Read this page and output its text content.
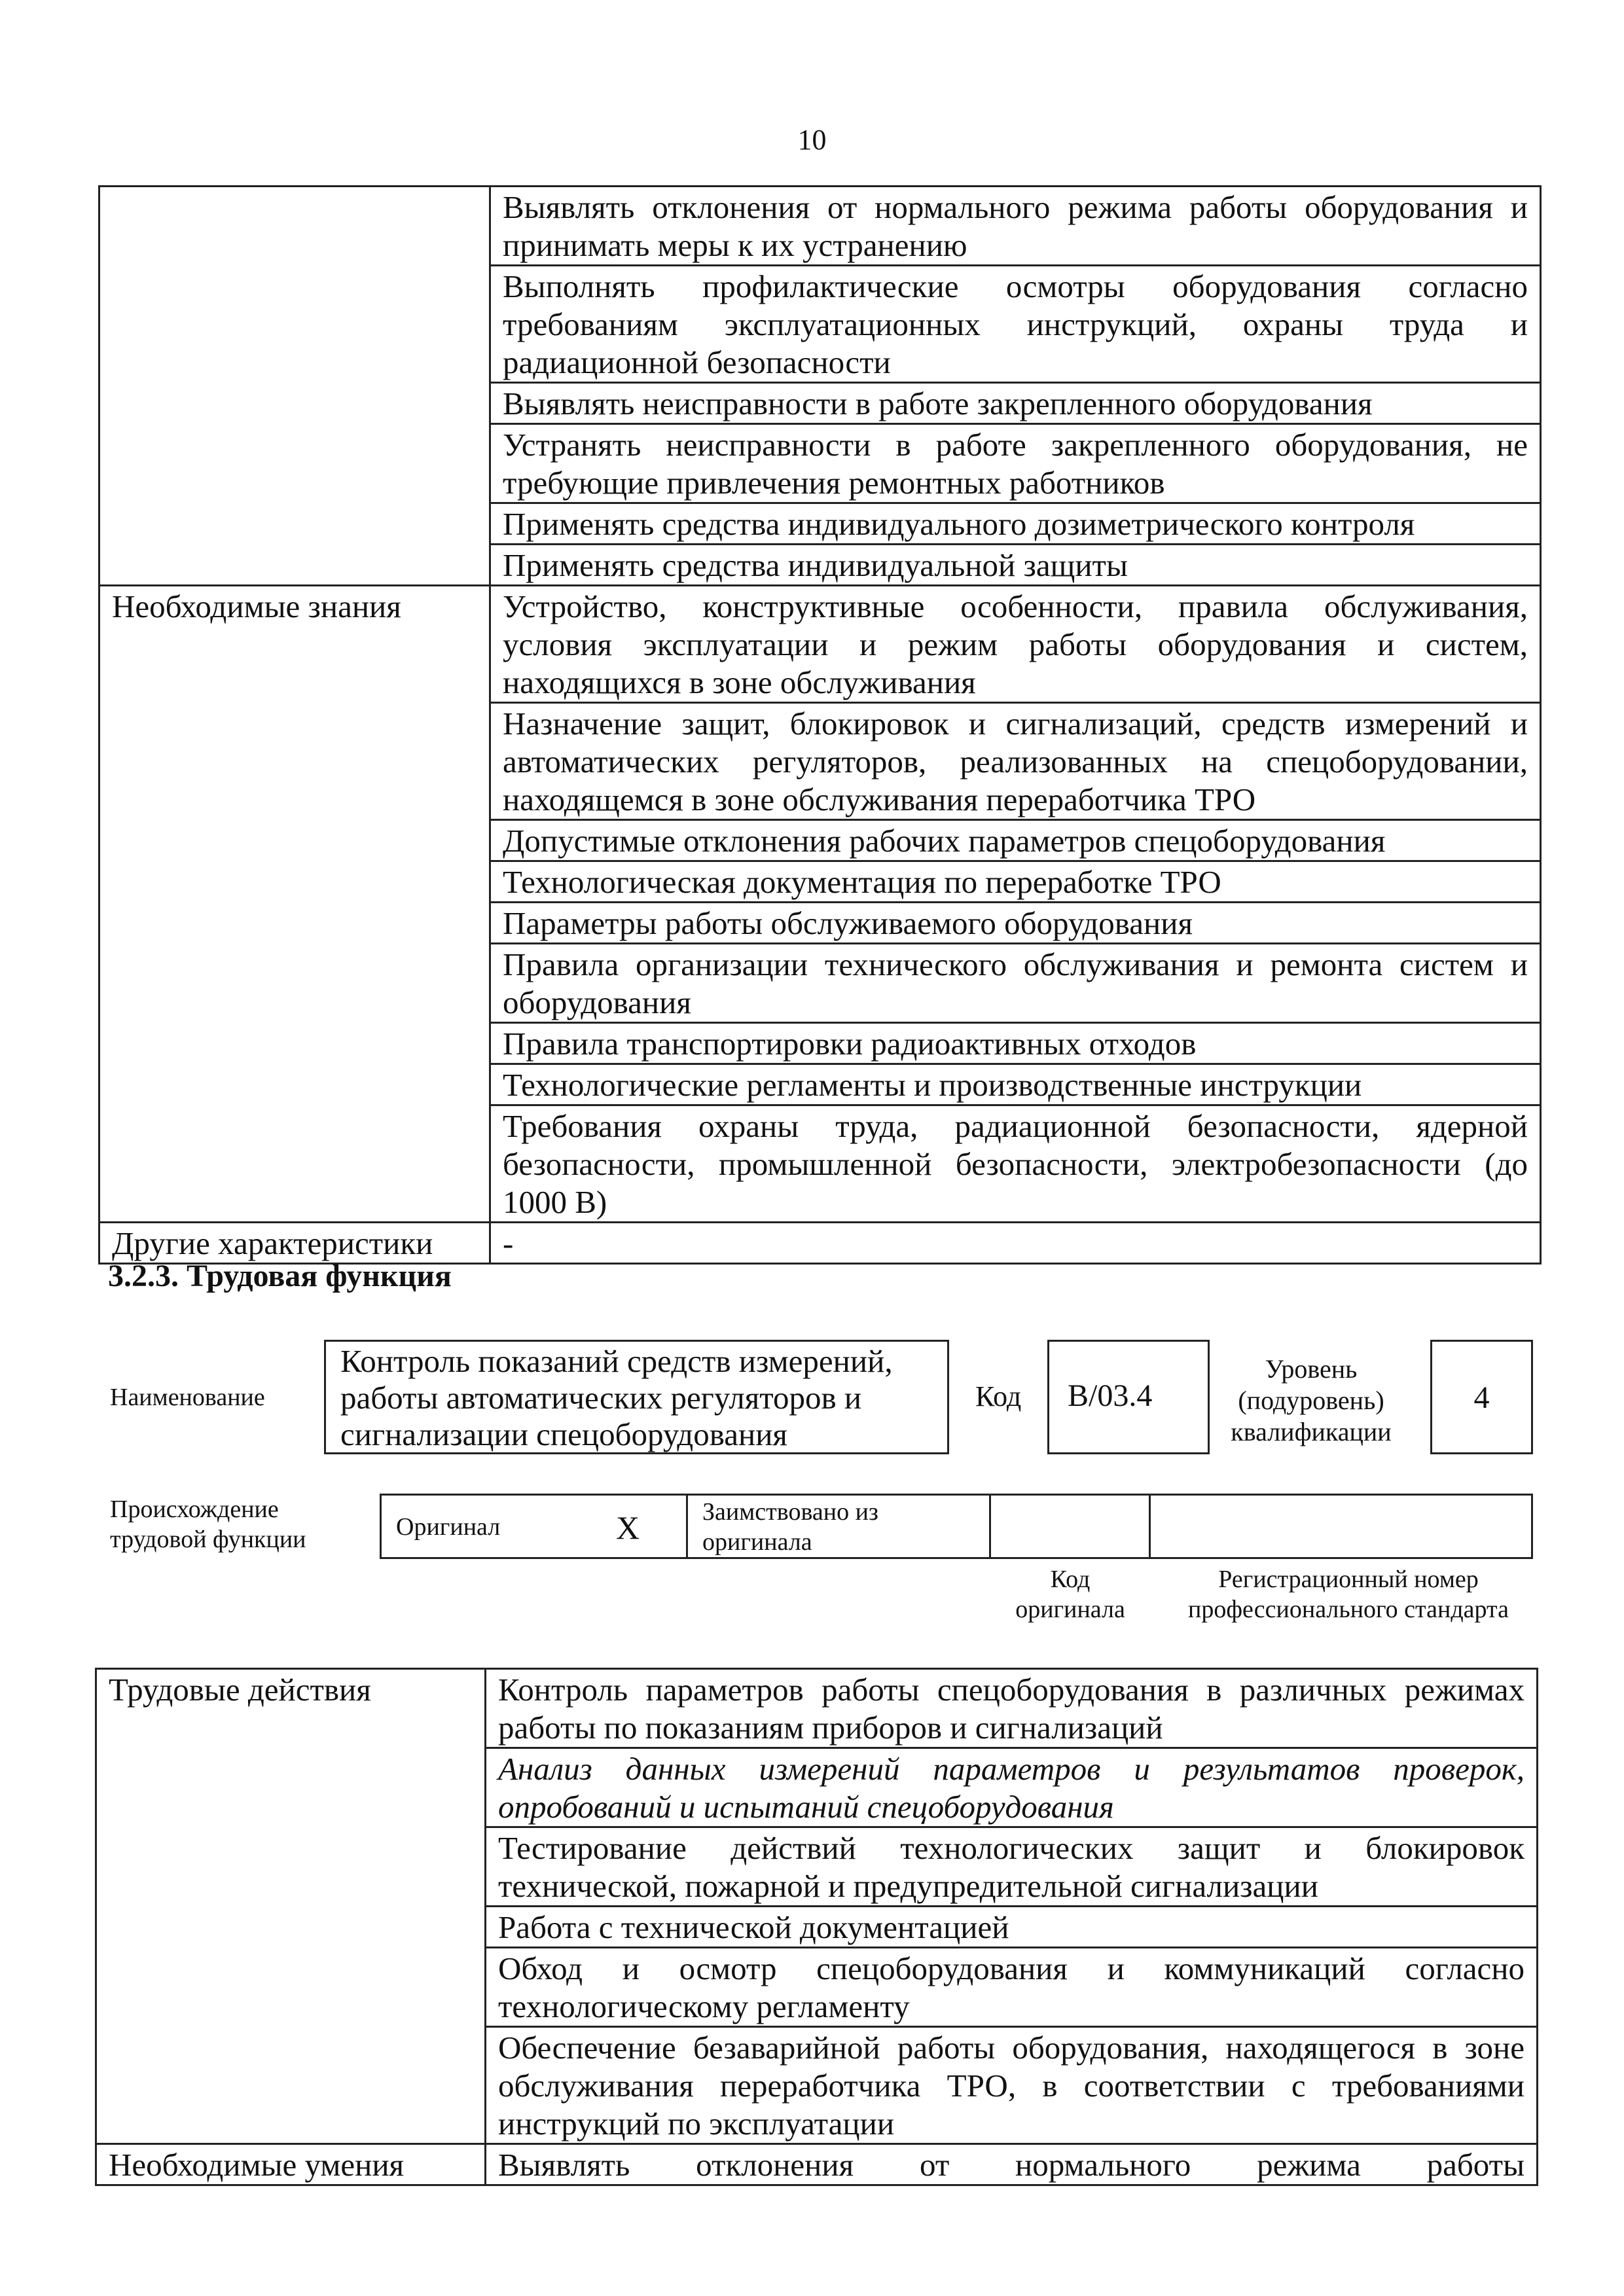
10
	Выявлять отклонения от нормального режима работы оборудования и принимать меры к их устранению
	Выполнять профилактические осмотры оборудования согласно требованиям эксплуатационных инструкций, охраны труда и радиационной безопасности
	Выявлять неисправности в работе закрепленного оборудования
	Устранять неисправности в работе закрепленного оборудования, не требующие привлечения ремонтных работников
	Применять средства индивидуального дозиметрического контроля
	Применять средства индивидуальной защиты
Необходимые знания	Устройство, конструктивные особенности, правила обслуживания, условия эксплуатации и режим работы оборудования и систем, находящихся в зоне обслуживания
	Назначение защит, блокировок и сигнализаций, средств измерений и автоматических регуляторов, реализованных на спецоборудовании, находящемся в зоне обслуживания переработчика ТРО
	Допустимые отклонения рабочих параметров спецоборудования
	Технологическая документация по переработке ТРО
	Параметры работы обслуживаемого оборудования
	Правила организации технического обслуживания и ремонта систем и оборудования
	Правила транспортировки радиоактивных отходов
	Технологические регламенты и производственные инструкции
	Требования охраны труда, радиационной безопасности, ядерной безопасности, промышленной безопасности, электробезопасности (до 1000 В)
Другие характеристики	-
3.2.3. Трудовая функция
Наименование
Контроль показаний средств измерений, работы автоматических регуляторов и сигнализации спецоборудования
Код	B/03.4
Уровень (подуровень) квалификации
4
Происхождение трудовой функции	Оригинал	X	Заимствовано из оригинала
Код оригинала
Регистрационный номер профессионального стандарта
Трудовые действия	Контроль параметров работы спецоборудования в различных режимах работы по показаниям приборов и сигнализаций
	Анализ данных измерений параметров и результатов проверок, опробований и испытаний спецоборудования
	Тестирование действий технологических защит и блокировок технической, пожарной и предупредительной сигнализации
	Работа с технической документацией
	Обход и осмотр спецоборудования и коммуникаций согласно технологическому регламенту
	Обеспечение безаварийной работы оборудования, находящегося в зоне обслуживания переработчика ТРО, в соответствии с требованиями инструкций по эксплуатации
Необходимые умения	Выявлять отклонения от нормального режима работы
